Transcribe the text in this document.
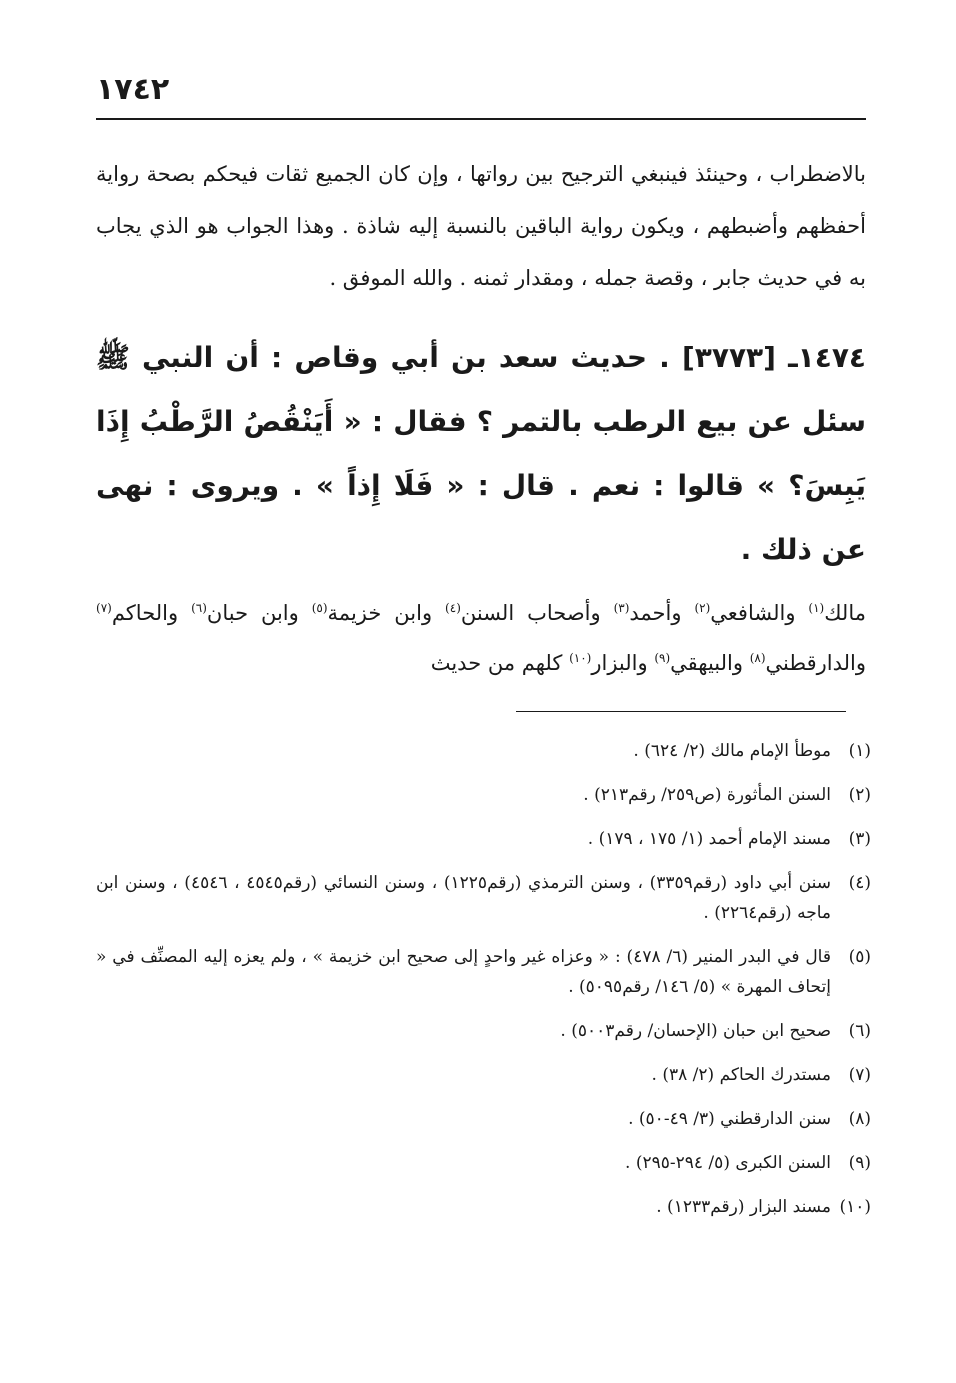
١٧٤٢

بالاضطراب ، وحينئذ فينبغي الترجيح بين رواتها ، وإن كان الجميع ثقات فيحكم بصحة رواية أحفظهم وأضبطهم ، ويكون رواية الباقين بالنسبة إليه شاذة . وهذا الجواب هو الذي يجاب به في حديث جابر ، وقصة جمله ، ومقدار ثمنه . والله الموفق .

١٤٧٤ـ [٣٧٧٣] . حديث سعد بن أبي وقاص : أن النبي ﷺ سئل عن بيع الرطب بالتمر ؟ فقال : « أَيَنْقُصُ الرَّطْبُ إِذَا يَبِسَ؟ » قالوا : نعم . قال : « فَلَا إِذاً » . ويروى : نهى عن ذلك .

مالك$^{(١)}$ والشافعي$^{(٢)}$ وأحمد$^{(٣)}$ وأصحاب السنن$^{(٤)}$ وابن خزيمة$^{(٥)}$ وابن حبان$^{(٦)}$ والحاكم$^{(٧)}$ والدارقطني$^{(٨)}$ والبيهقي$^{(٩)}$ والبزار$^{(١٠)}$ كلهم من حديث

(١)
موطأ الإمام مالك (٢/ ٦٢٤) .
(٢)
السنن المأثورة (ص٢٥٩/ رقم٢١٣) .
(٣)
مسند الإمام أحمد (١/ ١٧٥ ، ١٧٩) .
(٤)
سنن أبي داود (رقم٣٣٥٩) ، وسنن الترمذي (رقم١٢٢٥) ، وسنن النسائي (رقم٤٥٤٥ ، ٤٥٤٦) ، وسنن ابن ماجه (رقم٢٢٦٤) .
(٥)
قال في البدر المنير (٦/ ٤٧٨) : « وعزاه غير واحدٍ إلى صحيح ابن خزيمة » ، ولم يعزه إليه المصنِّف في « إتحاف المهرة » (٥/ ١٤٦/ رقم٥٠٩٥) .
(٦)
صحيح ابن حبان (الإحسان/ رقم٥٠٠٣) .
(٧)
مستدرك الحاكم (٢/ ٣٨) .
(٨)
سنن الدارقطني (٣/ ٤٩-٥٠) .
(٩)
السنن الكبرى (٥/ ٢٩٤-٢٩٥) .
(١٠)
مسند البزار (رقم١٢٣٣) .
